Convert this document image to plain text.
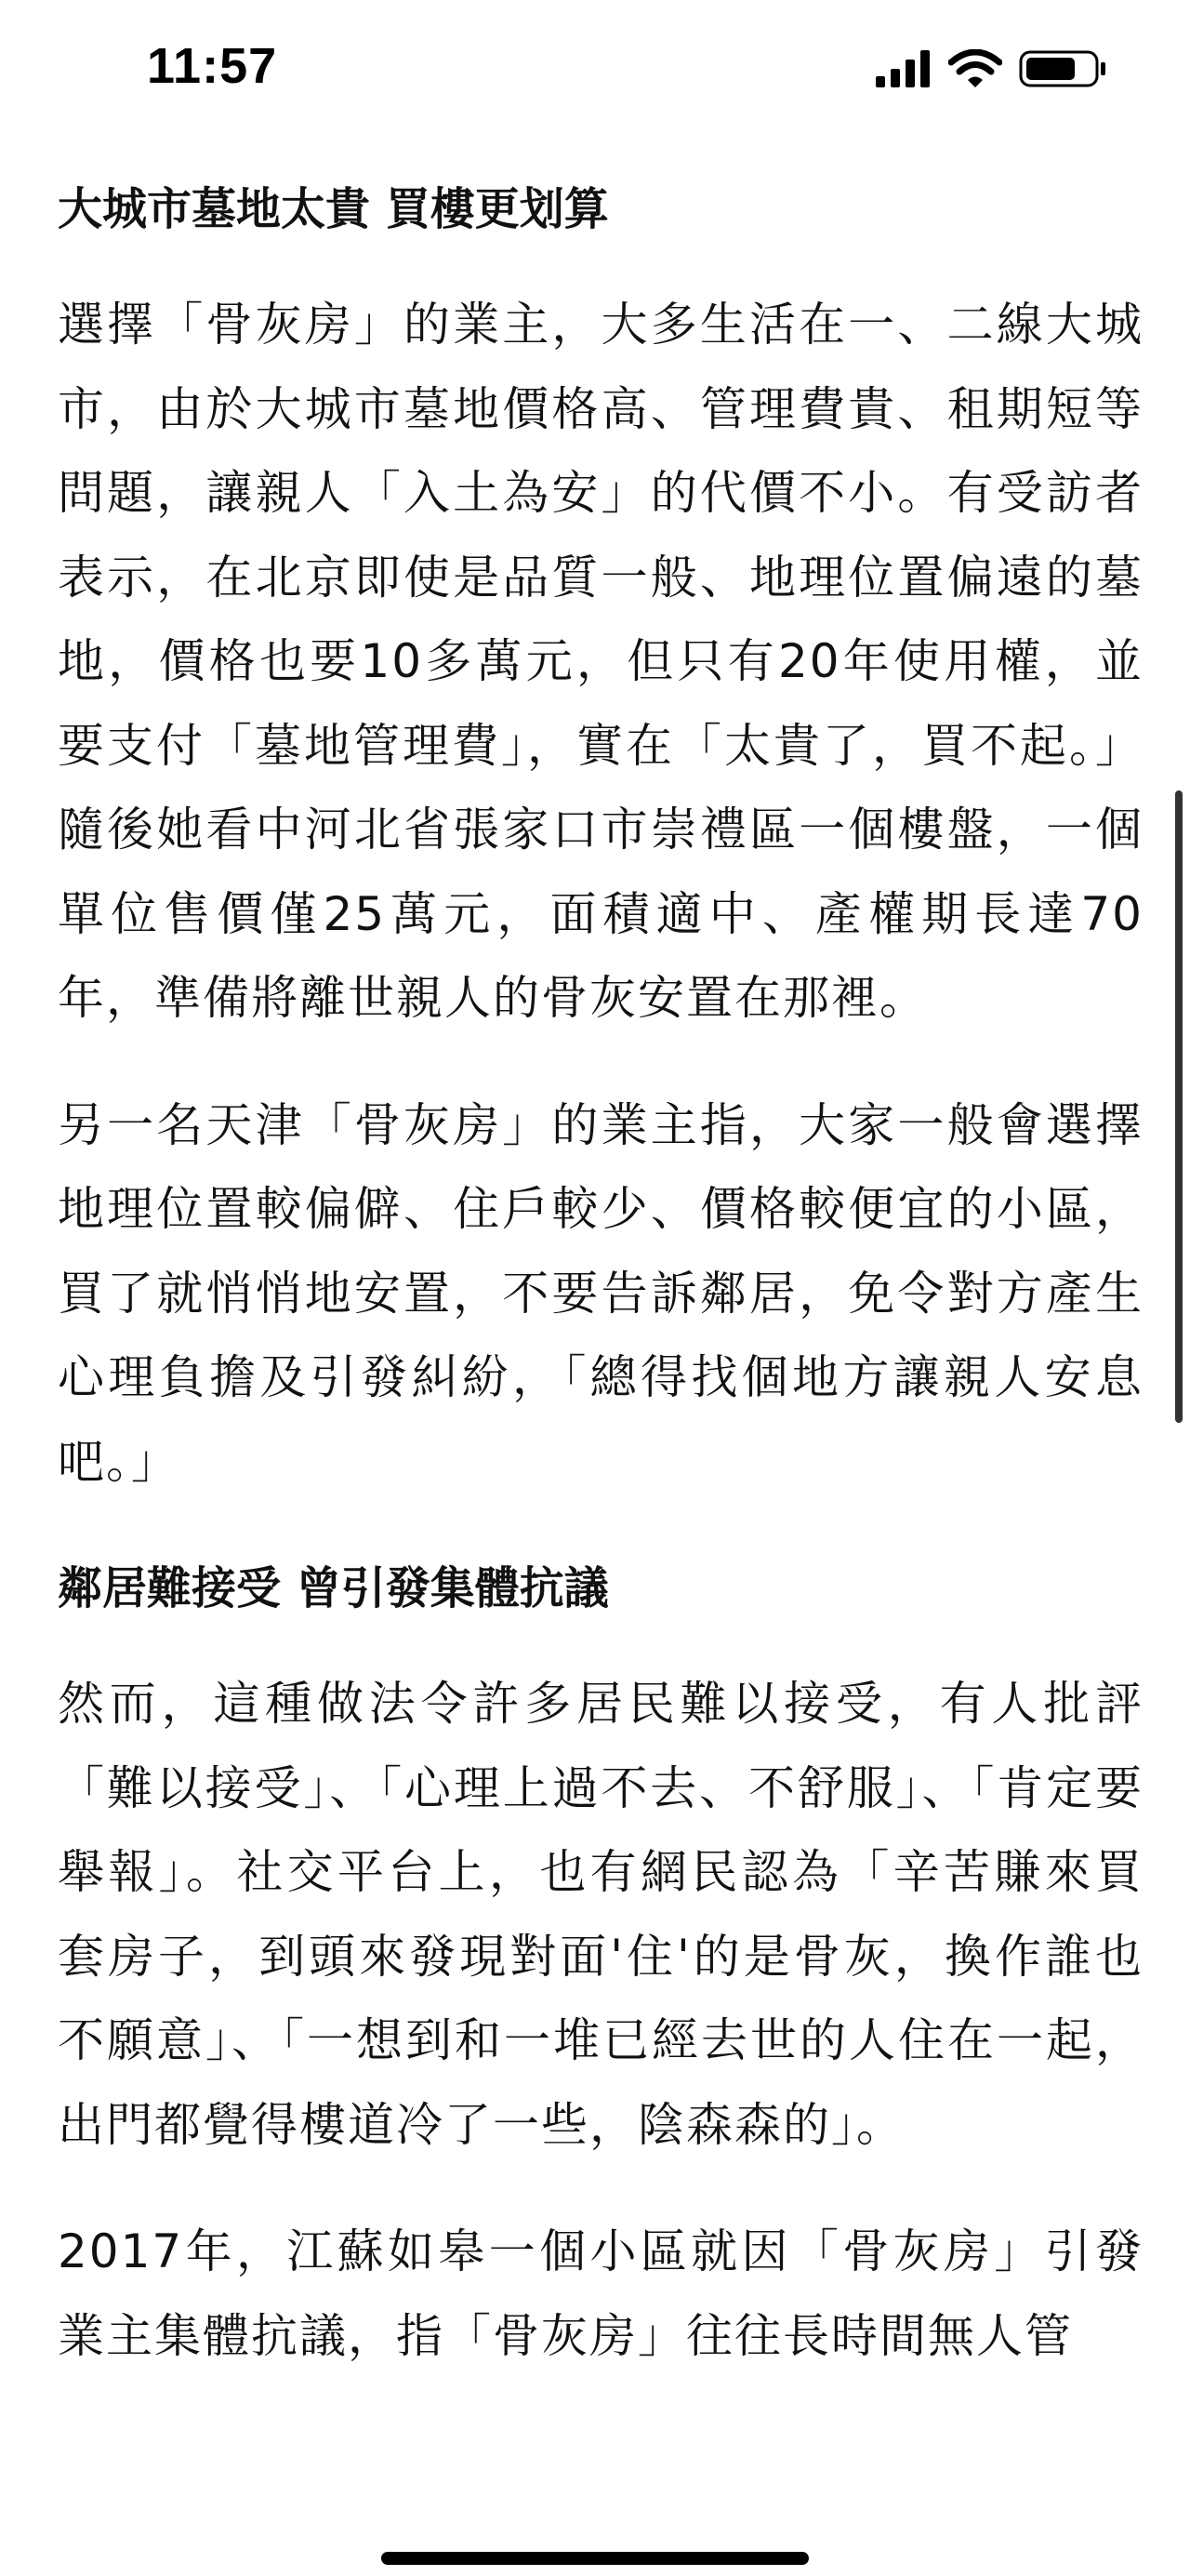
11:57
大城市墓地太貴 買樓更划算

選擇「骨灰房」的業主，大多生活在一、二線大城市，由於大城市墓地價格高、管理費貴、租期短等問題，讓親人「入土為安」的代價不小。有受訪者表示，在北京即使是品質一般、地理位置偏遠的墓地，價格也要10多萬元，但只有20年使用權，並要支付「墓地管理費」，實在「太貴了，買不起。」隨後她看中河北省張家口市崇禮區一個樓盤，一個單位售價僅25萬元，面積適中、產權期長達70年，準備將離世親人的骨灰安置在那裡。

另一名天津「骨灰房」的業主指，大家一般會選擇地理位置較偏僻、住戶較少、價格較便宜的小區，買了就悄悄地安置，不要告訴鄰居，免令對方產生心理負擔及引發糾紛，「總得找個地方讓親人安息吧。」

鄰居難接受 曾引發集體抗議

然而，這種做法令許多居民難以接受，有人批評「難以接受」、「心理上過不去、不舒服」、「肯定要舉報」。社交平台上，也有網民認為「辛苦賺來買套房子，到頭來發現對面'住'的是骨灰，換作誰也不願意」、「一想到和一堆已經去世的人住在一起，出門都覺得樓道冷了一些，陰森森的」。

2017年，江蘇如皋一個小區就因「骨灰房」引發業主集體抗議，指「骨灰房」往往長時間無人管
